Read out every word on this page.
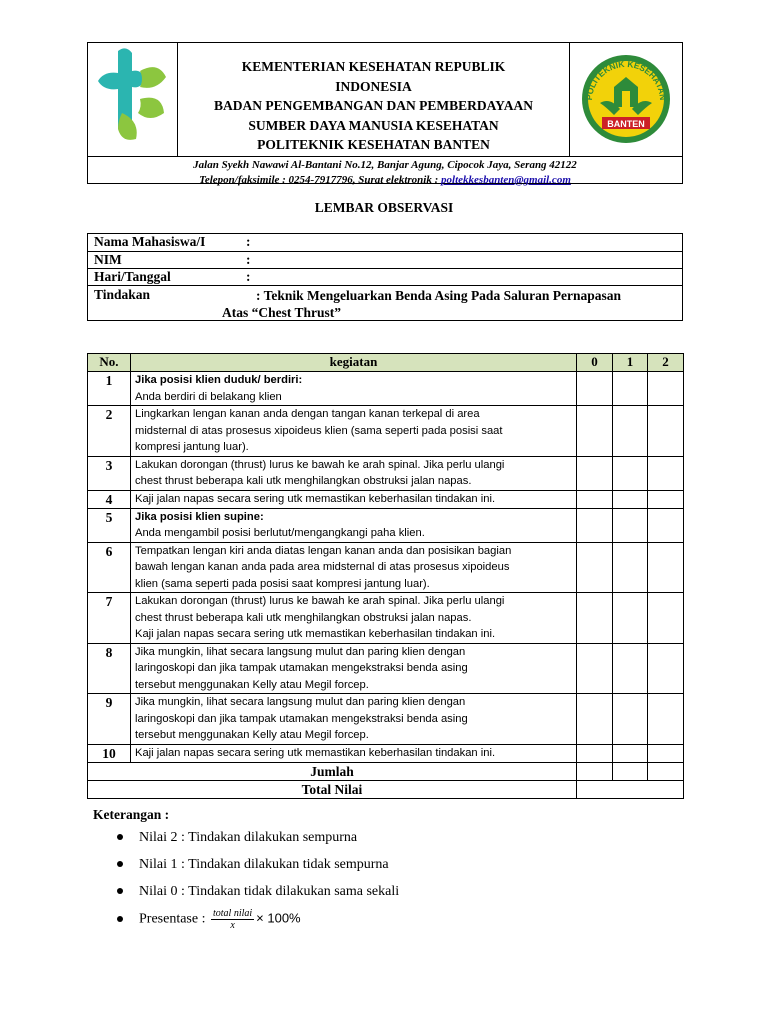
KEMENTERIAN KESEHATAN REPUBLIK
INDONESIA
BADAN PENGEMBANGAN DAN PEMBERDAYAAN
SUMBER DAYA MANUSIA KESEHATAN
POLITEKNIK KESEHATAN BANTEN
POLITEKNIK KESEHATAN
BANTEN
Jalan Syekh Nawawi Al-Bantani No.12, Banjar Agung, Cipocok Jaya, Serang 42122
Telepon/faksimile : 0254-7917796, Surat elektronik : poltekkesbanten@gmail.com
LEMBAR OBSERVASI
Nama Mahasiswa/I	:
NIM	:
Hari/Tanggal	:
Tindakan	: Teknik Mengeluarkan Benda Asing Pada Saluran Pernapasan
Atas “Chest Thrust”
No.	kegiatan	0	1	2
1	Jika posisi klien duduk/ berdiri:
Anda berdiri di belakang klien			

2	Lingkarkan lengan kanan anda dengan tangan kanan terkepal di area
midsternal di atas prosesus xipoideus klien (sama seperti pada posisi saat
kompresi jantung luar).			

3	Lakukan dorongan (thrust) lurus ke bawah ke arah spinal. Jika perlu ulangi
chest thrust beberapa kali utk menghilangkan obstruksi jalan napas.			

4	Kaji jalan napas secara sering utk memastikan keberhasilan tindakan ini.			

5	Jika posisi klien supine:
Anda mengambil posisi berlutut/mengangkangi paha klien.			

6	Tempatkan lengan kiri anda diatas lengan kanan anda dan posisikan bagian
bawah lengan kanan anda pada area midsternal di atas prosesus xipoideus
klien (sama seperti pada posisi saat kompresi jantung luar).			

7	Lakukan dorongan (thrust) lurus ke bawah ke arah spinal. Jika perlu ulangi
chest thrust beberapa kali utk menghilangkan obstruksi jalan napas.
Kaji jalan napas secara sering utk memastikan keberhasilan tindakan ini.			

8	Jika mungkin, lihat secara langsung mulut dan paring klien dengan
laringoskopi dan jika tampak utamakan mengekstraksi benda asing
tersebut menggunakan Kelly atau Megil forcep.			

9	Jika mungkin, lihat secara langsung mulut dan paring klien dengan
laringoskopi dan jika tampak utamakan mengekstraksi benda asing
tersebut menggunakan Kelly atau Megil forcep.			

10	Kaji jalan napas secara sering utk memastikan keberhasilan tindakan ini.			

Jumlah				
Total Nilai				
Keterangan :
Nilai 2 : Tindakan dilakukan sempurna
Nilai 1 : Tindakan dilakukan tidak sempurna
Nilai 0 : Tindakan tidak dilakukan sama sekali
Presentase : $\frac{\text{total nilai}}{x} \times 100\%$
